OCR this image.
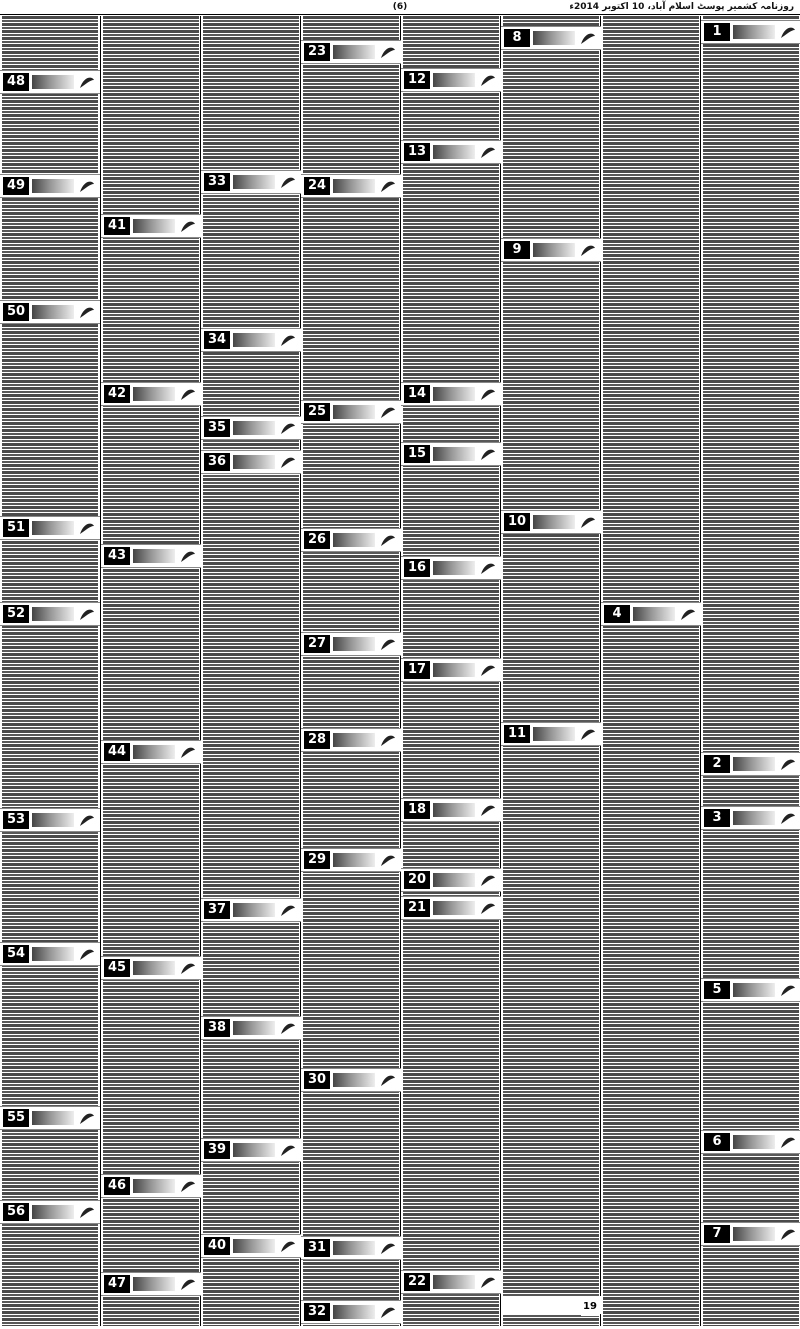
(6)	روزنامہ کشمیر پوسٹ اسلام آباد، 10 اکتوبر 2014ء
1
2
3
5
6
7
4
8
9
10
11
19
12
13
14
15
16
17
18
20
21
22
23
24
25
26
27
28
29
30
31
32
33
34
35
36
37
38
39
40
41
42
43
44
45
46
47
48
49
50
51
52
53
54
55
56
